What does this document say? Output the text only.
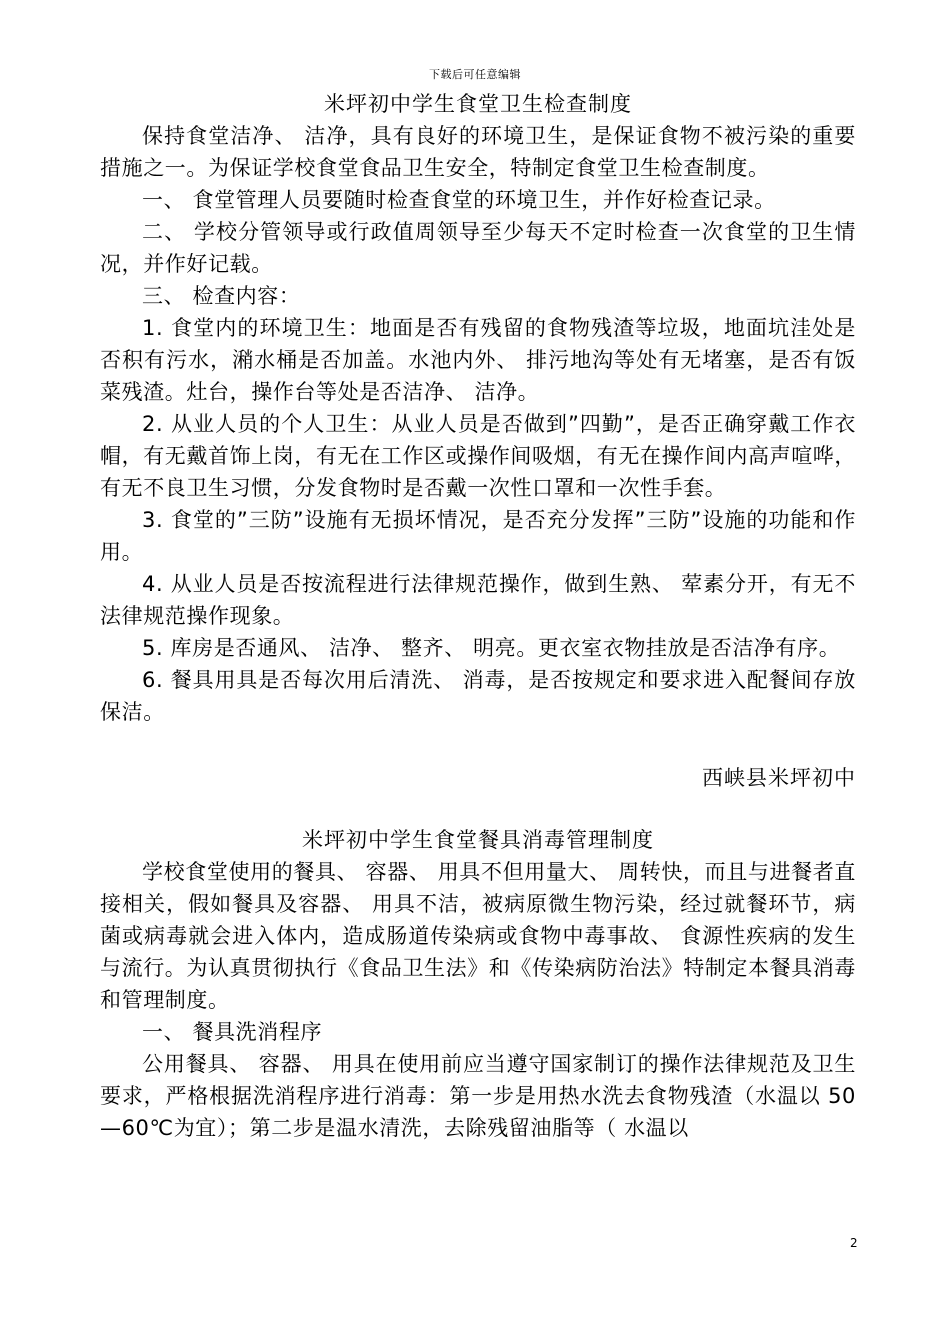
下载后可任意编辑
米坪初中学生食堂卫生检查制度

保持食堂洁净、 洁净，具有良好的环境卫生，是保证食物不被污染的重要措施之一。为保证学校食堂食品卫生安全，特制定食堂卫生检查制度。

一、 食堂管理人员要随时检查食堂的环境卫生，并作好检查记录。

二、 学校分管领导或行政值周领导至少每天不定时检查一次食堂的卫生情况，并作好记载。

三、 检查内容：

1. 食堂内的环境卫生：地面是否有残留的食物残渣等垃圾，地面坑洼处是否积有污水，潲水桶是否加盖。水池内外、 排污地沟等处有无堵塞，是否有饭菜残渣。灶台，操作台等处是否洁净、 洁净。

2. 从业人员的个人卫生：从业人员是否做到”四勤”，是否正确穿戴工作衣帽，有无戴首饰上岗，有无在工作区或操作间吸烟，有无在操作间内高声喧哗，有无不良卫生习惯，分发食物时是否戴一次性口罩和一次性手套。

3. 食堂的”三防”设施有无损坏情况，是否充分发挥”三防”设施的功能和作用。

4. 从业人员是否按流程进行法律规范操作，做到生熟、 荤素分开，有无不法律规范操作现象。

5. 库房是否通风、 洁净、 整齐、 明亮。更衣室衣物挂放是否洁净有序。

6. 餐具用具是否每次用后清洗、 消毒，是否按规定和要求进入配餐间存放保洁。

西峡县米坪初中
米坪初中学生食堂餐具消毒管理制度

学校食堂使用的餐具、 容器、 用具不但用量大、 周转快，而且与进餐者直接相关，假如餐具及容器、 用具不洁，被病原微生物污染，经过就餐环节，病菌或病毒就会进入体内，造成肠道传染病或食物中毒事故、 食源性疾病的发生与流行。为认真贯彻执行《食品卫生法》和《传染病防治法》特制定本餐具消毒和管理制度。

一、 餐具洗消程序

公用餐具、 容器、 用具在使用前应当遵守国家制订的操作法律规范及卫生要求，严格根据洗消程序进行消毒：第一步是用热水洗去食物残渣（水温以 50—60℃为宜）；第二步是温水清洗，去除残留油脂等（ 水温以

2
